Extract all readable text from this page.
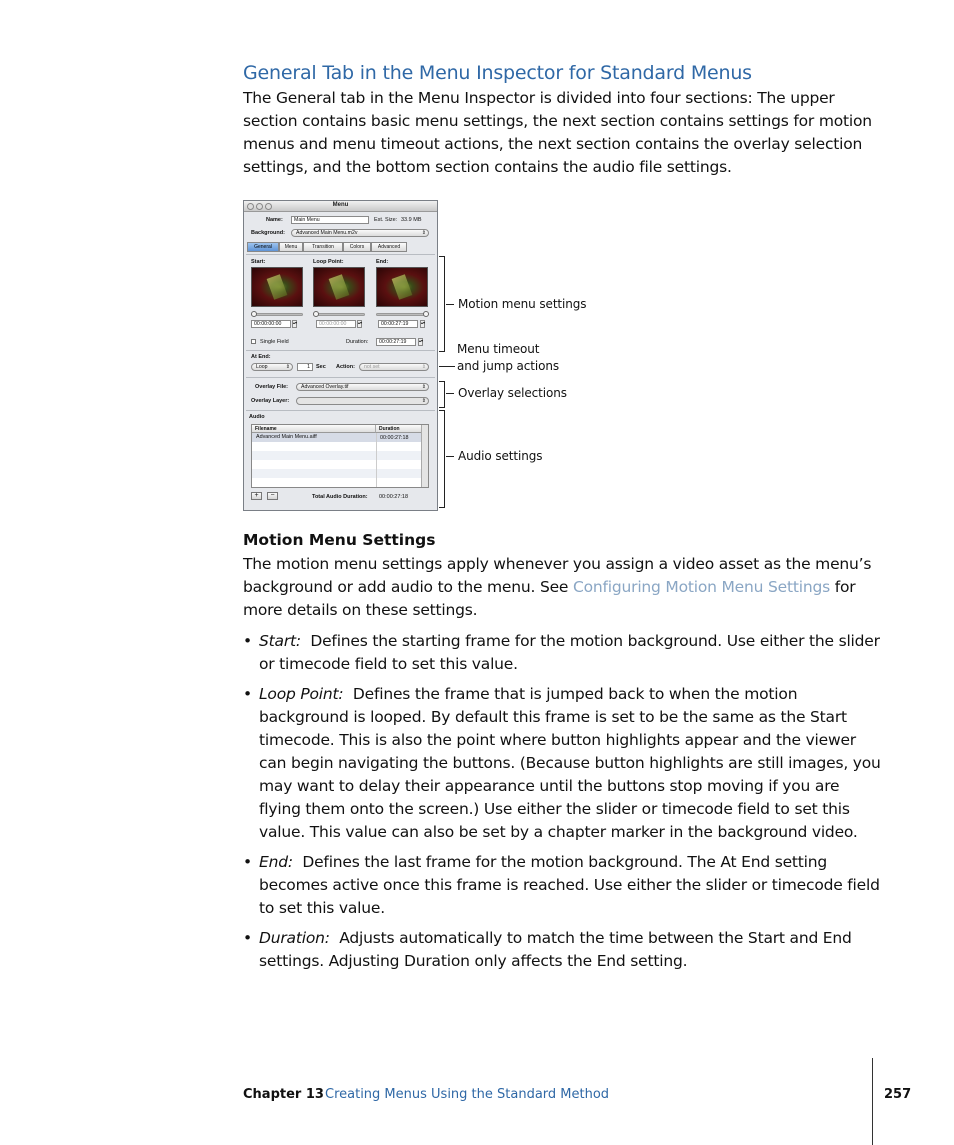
General Tab in the Menu Inspector for Standard Menus

The General tab in the Menu Inspector is divided into four sections: The upper section contains basic menu settings, the next section contains settings for motion menus and menu timeout actions, the next section contains the overlay selection settings, and the bottom section contains the audio file settings.

Menu
Name:	Main Menu	Est. Size: 33.9 MB
Background:	Advanced Main Menu.m2v	⇕
General	Menu	Transition	Colors	Advanced
Start:	Loop Point:	End:
00:00:00:00	▴▾	00:00:00:00	▴▾	00:00:27:19	▴▾
Single Field	Duration:	00:00:27:19	▴▾
At End:
Loop	⇕	1	Sec Action:	not set	⇕
Overlay File:	Advanced Overlay.tif	⇕
Overlay Layer:	⇕
Audio
Filename	Duration
Advanced Main Menu.aiff	00:00:27:18
+	−	Total Audio Duration: 00:00:27:18
Motion menu settings
Menu timeout
and jump actions
Overlay selections
Audio settings
Motion Menu Settings

The motion menu settings apply whenever you assign a video asset as the menu’s background or add audio to the menu. See Configuring Motion Menu Settings for more details on these settings.

• Start: Defines the starting frame for the motion background. Use either the slider or timecode field to set this value.
• Loop Point: Defines the frame that is jumped back to when the motion background is looped. By default this frame is set to be the same as the Start timecode. This is also the point where button highlights appear and the viewer can begin navigating the buttons. (Because button highlights are still images, you may want to delay their appearance until the buttons stop moving if you are flying them onto the screen.) Use either the slider or timecode field to set this value. This value can also be set by a chapter marker in the background video.
• End: Defines the last frame for the motion background. The At End setting becomes active once this frame is reached. Use either the slider or timecode field to set this value.
• Duration: Adjusts automatically to match the time between the Start and End settings. Adjusting Duration only affects the End setting.
Chapter 13 Creating Menus Using the Standard Method	257
